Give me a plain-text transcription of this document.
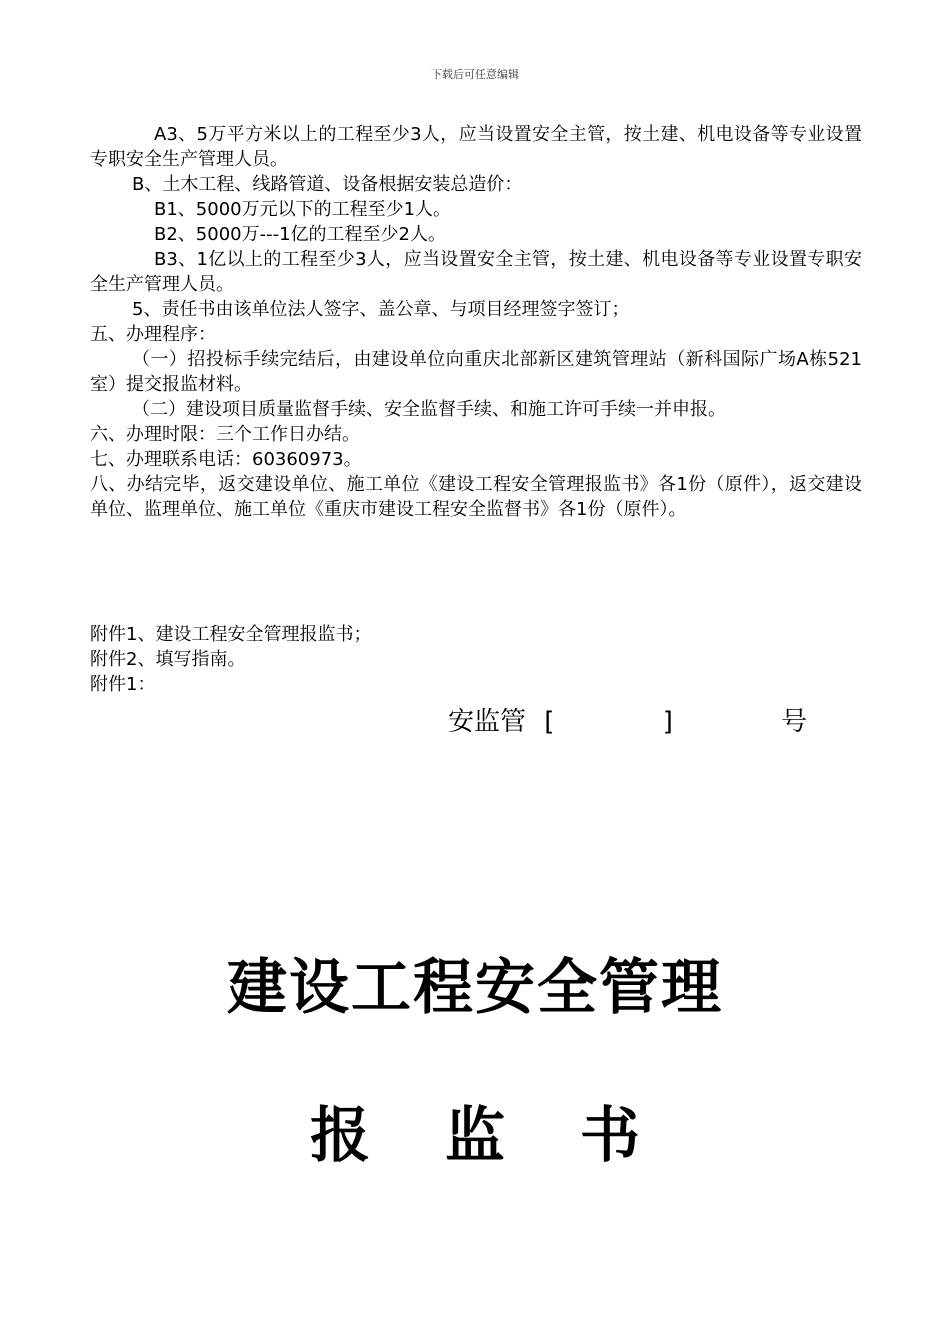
下载后可任意编辑

A3、5万平方米以上的工程至少3人，应当设置安全主管，按土建、机电设备等专业设置专职安全生产管理人员。

B、土木工程、线路管道、设备根据安装总造价：

B1、5000万元以下的工程至少1人。

B2、5000万---1亿的工程至少2人。

B3、1亿以上的工程至少3人，应当设置安全主管，按土建、机电设备等专业设置专职安全生产管理人员。

5、责任书由该单位法人签字、盖公章、与项目经理签字签订；

五、办理程序：

（一）招投标手续完结后，由建设单位向重庆北部新区建筑管理站（新科国际广场A栋521室）提交报监材料。

（二）建设项目质量监督手续、安全监督手续、和施工许可手续一并申报。

六、办理时限：三个工作日办结。

七、办理联系电话：60360973。

八、办结完毕，返交建设单位、施工单位《建设工程安全管理报监书》各1份（原件），返交建设单位、监理单位、施工单位《重庆市建设工程安全监督书》各1份（原件）。

附件1、建设工程安全管理报监书；

附件2、填写指南。

附件1：

安监管 [	]	号
建设工程安全管理
报 监 书
